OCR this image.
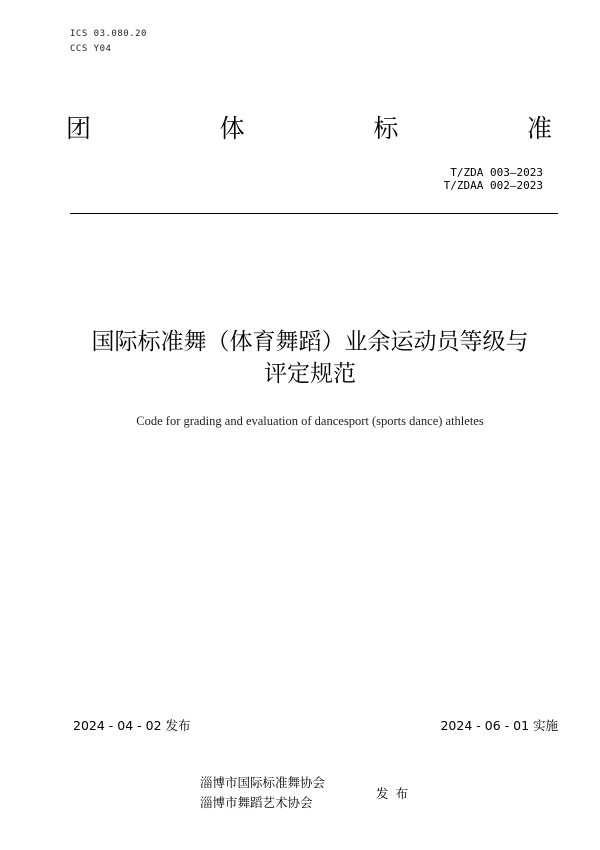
ICS 03.080.20
CCS Y04
团	体	标	准
T/ZDA 003—2023
T/ZDAA 002—2023
国际标准舞（体育舞蹈）业余运动员等级与
评定规范
Code for grading and evaluation of dancesport (sports dance) athletes
2024 - 04 - 02 发布	2024 - 06 - 01 实施
淄博市国际标准舞协会
淄博市舞蹈艺术协会
发布
